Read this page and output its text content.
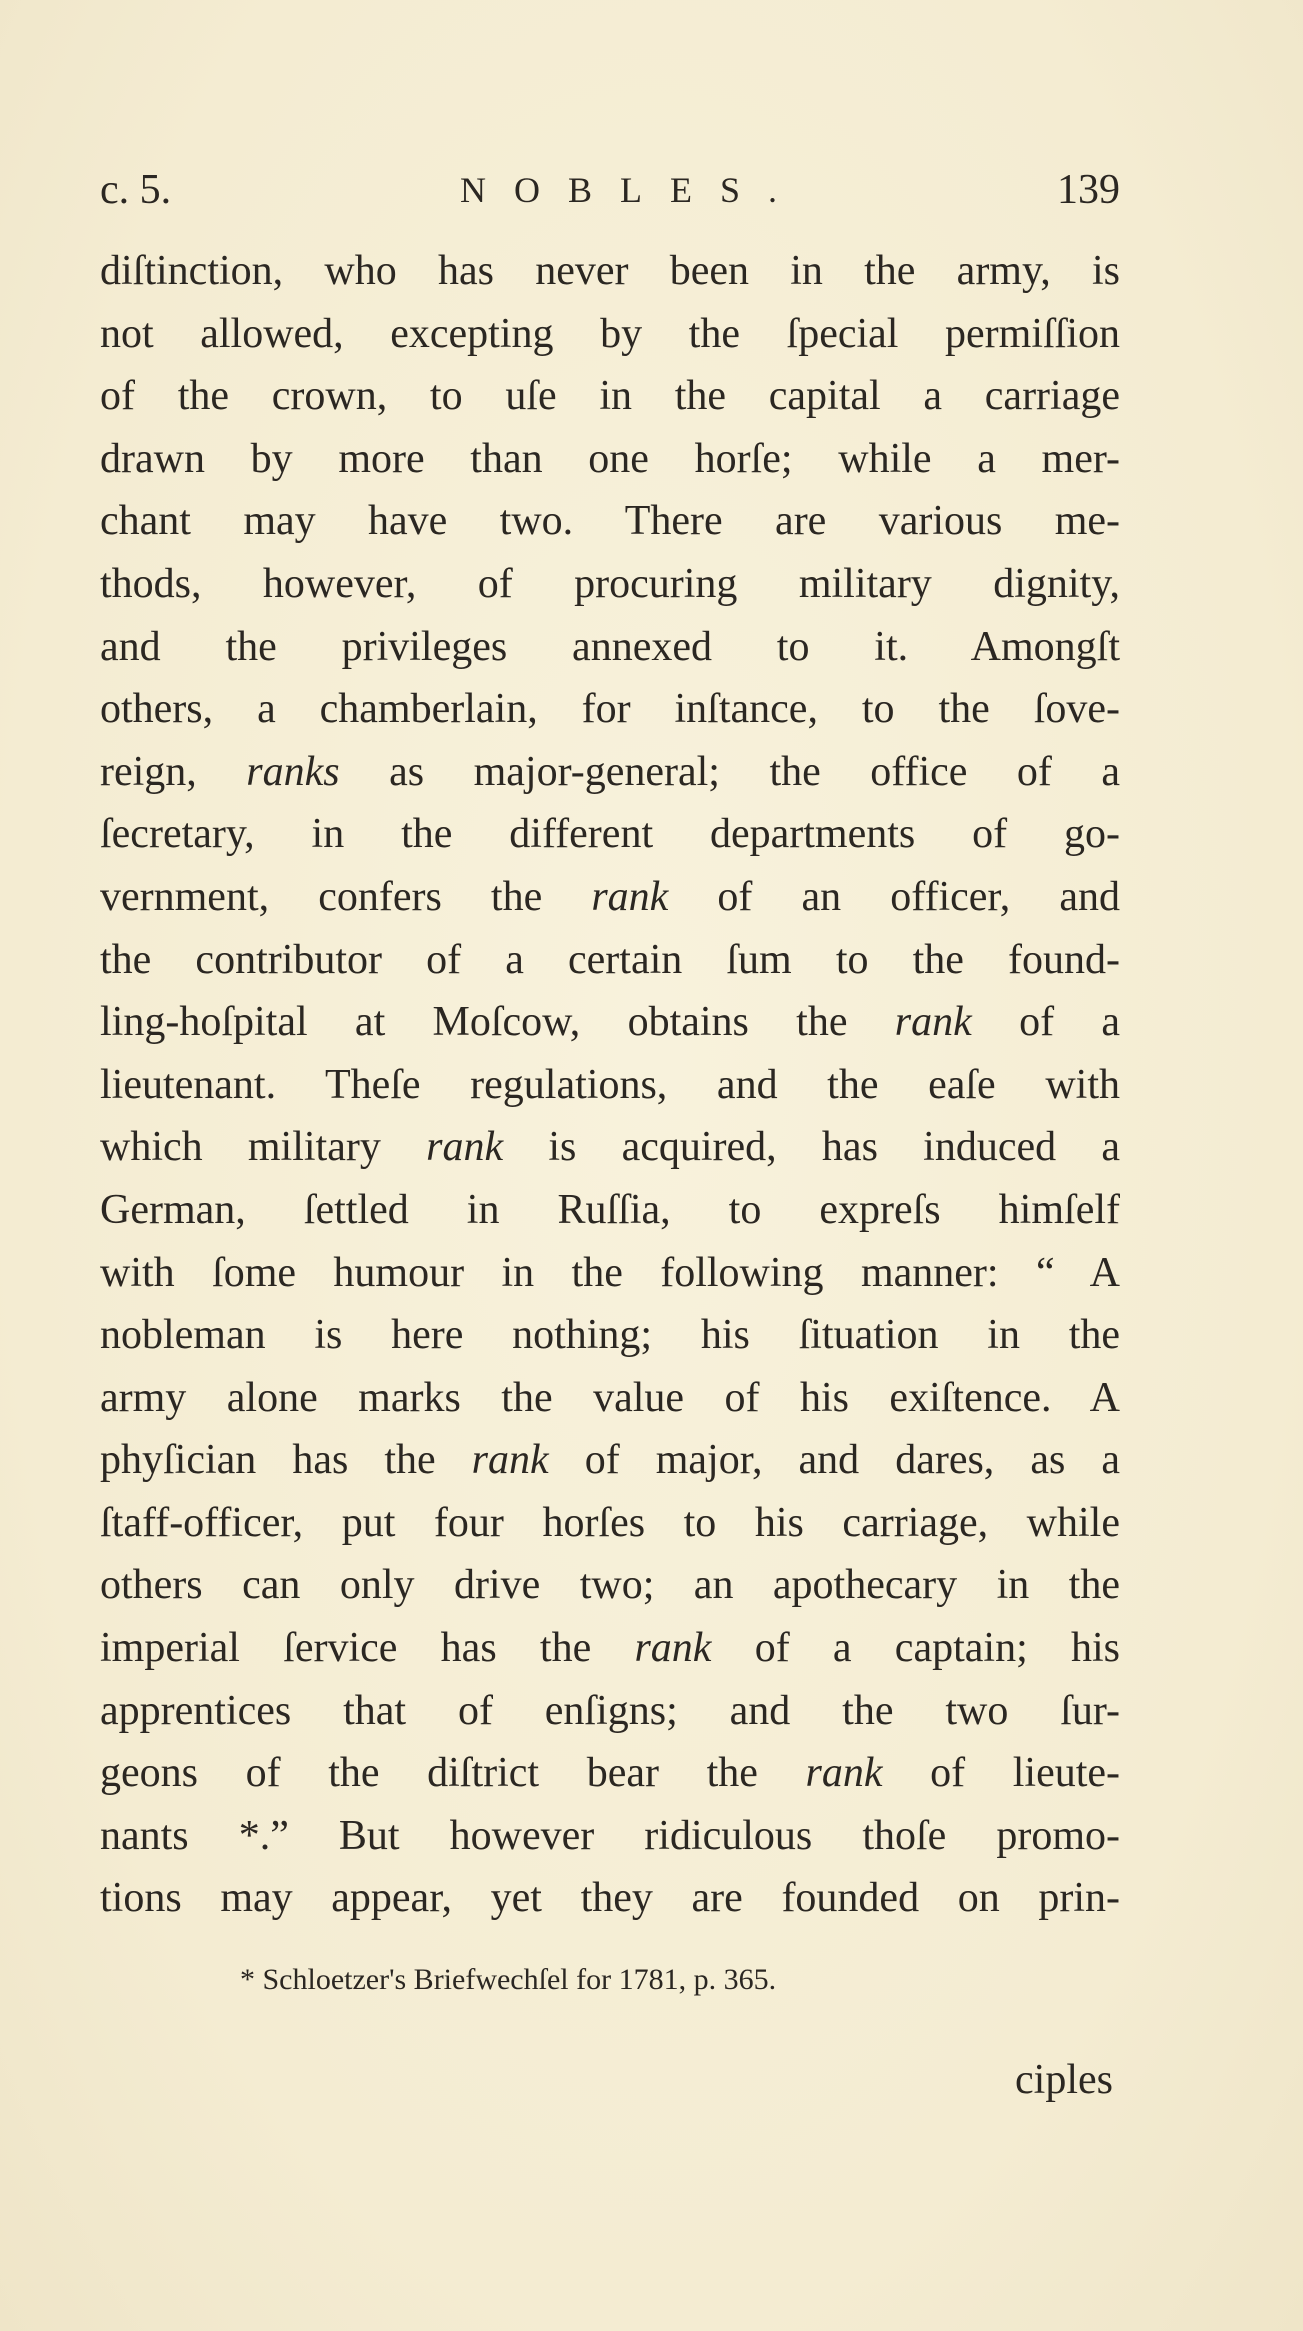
c. 5.	NOBLES.	139
diſtinction, who has never been in the army, is
not allowed, excepting by the ſpecial permiſſion
of the crown, to uſe in the capital a carriage
drawn by more than one horſe; while a mer-
chant may have two. There are various me-
thods, however, of procuring military dignity,
and the privileges annexed to it. Amongſt
others, a chamberlain, for inſtance, to the ſove-
reign, ranks as major-general; the office of a
ſecretary, in the different departments of go-
vernment, confers the rank of an officer, and
the contributor of a certain ſum to the found-
ling-hoſpital at Moſcow, obtains the rank of a
lieutenant. Theſe regulations, and the eaſe with
which military rank is acquired, has induced a
German, ſettled in Ruſſia, to expreſs himſelf
with ſome humour in the following manner: “ A
nobleman is here nothing; his ſituation in the
army alone marks the value of his exiſtence. A
phyſician has the rank of major, and dares, as a
ſtaff-officer, put four horſes to his carriage, while
others can only drive two; an apothecary in the
imperial ſervice has the rank of a captain; his
apprentices that of enſigns; and the two ſur-
geons of the diſtrict bear the rank of lieute-
nants *.” But however ridiculous thoſe promo-
tions may appear, yet they are founded on prin-
* Schloetzer's Briefwechſel for 1781, p. 365.
ciples
